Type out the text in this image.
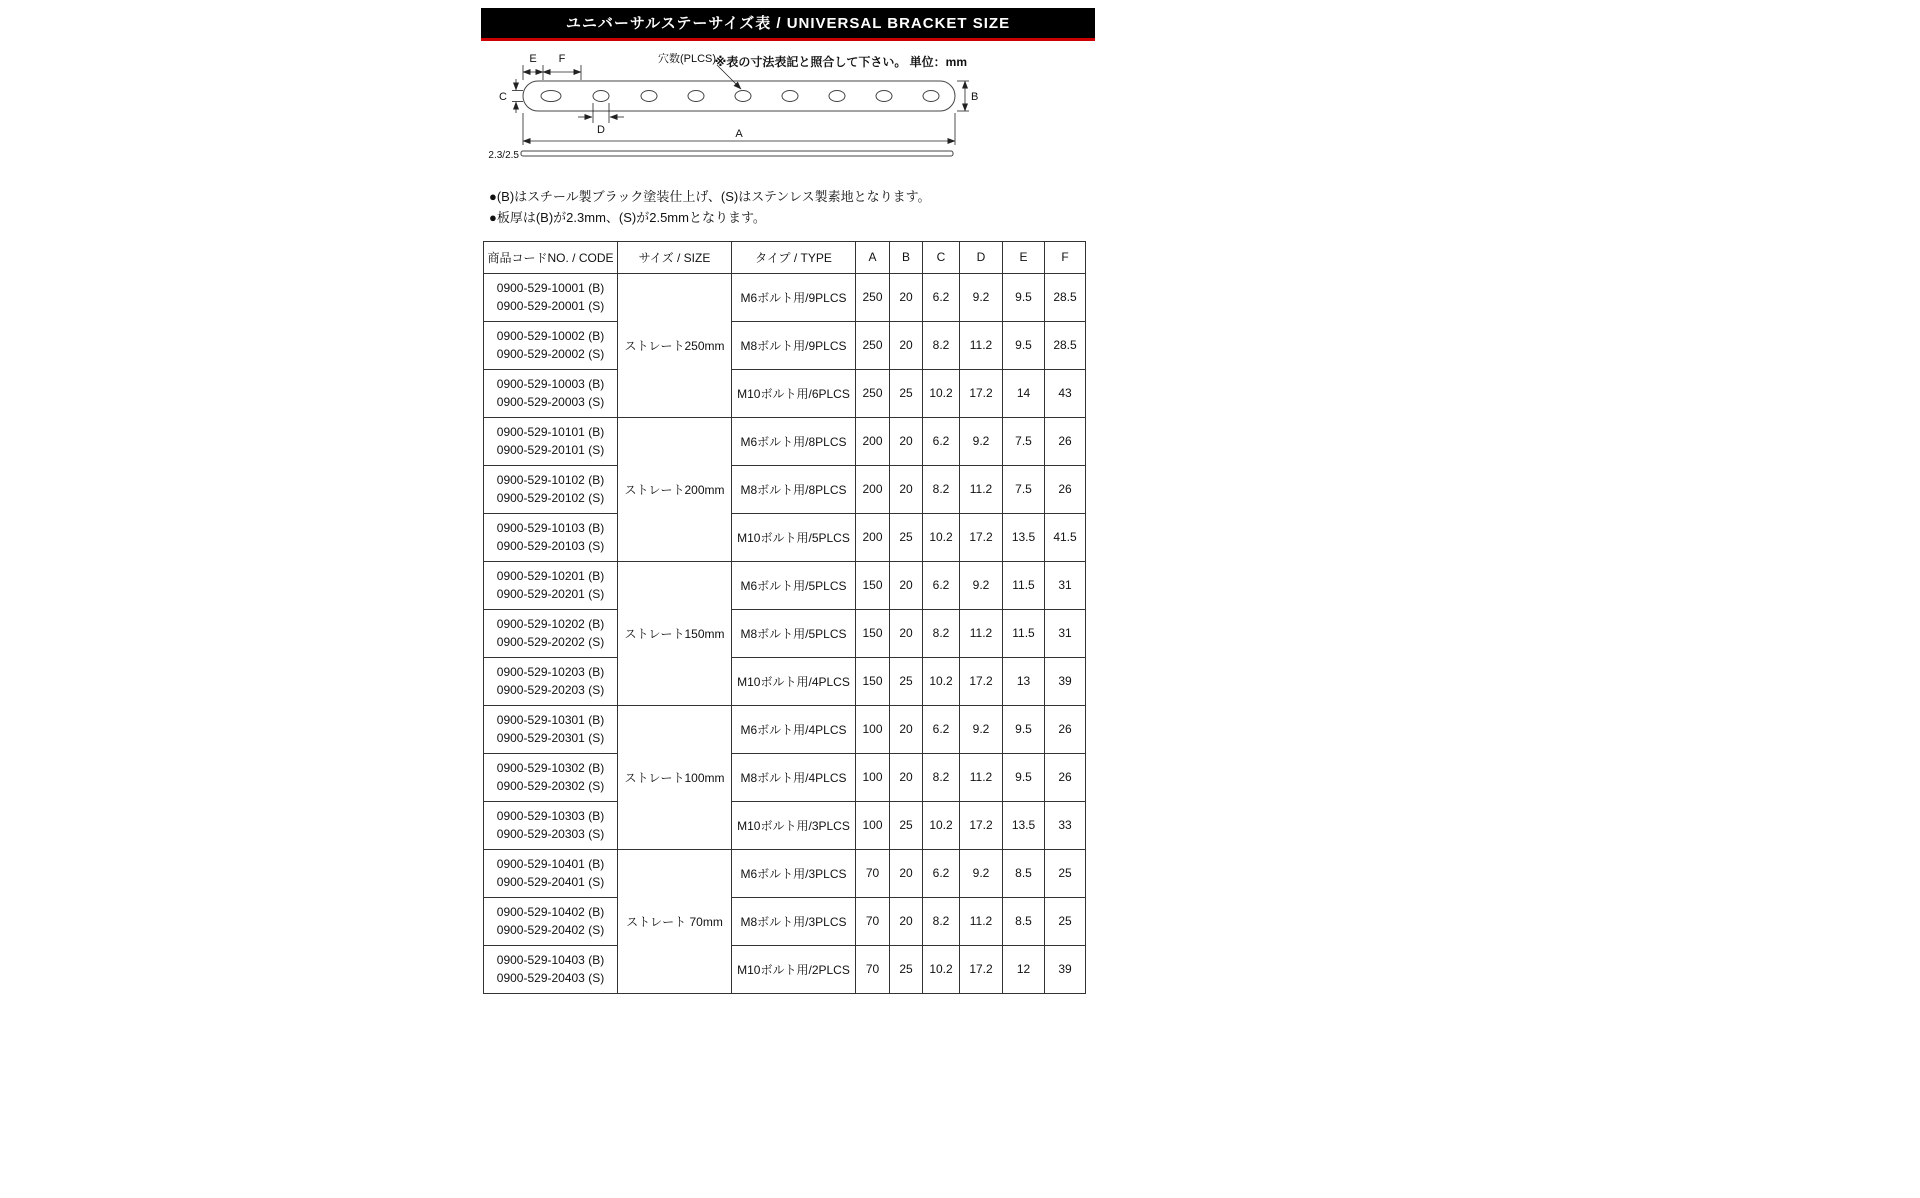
ユニバーサルステーサイズ表 / UNIVERSAL BRACKET SIZE
※表の寸法表記と照合して下さい。 単位：mm
E F	穴数(PLCS)
C	B
D	A
2.3/2.5
●(B)はスチール製ブラック塗装仕上げ、(S)はステンレス製素地となります。
●板厚は(B)が2.3mm、(S)が2.5mmとなります。
商品コードNO. / CODE	サイズ / SIZE	タイプ / TYPE	A	B	C	D	E	F

0900-529-10001 (B)
0900-529-20001 (S)	ストレート250mm	M6ボルト用/9PLCS	250	20	6.2	9.2	9.5	28.5

0900-529-10002 (B)
0900-529-20002 (S)		M8ボルト用/9PLCS	250	20	8.2	11.2	9.5	28.5

0900-529-10003 (B)
0900-529-20003 (S)		M10ボルト用/6PLCS	250	25	10.2	17.2	14	43

0900-529-10101 (B)
0900-529-20101 (S)	ストレート200mm	M6ボルト用/8PLCS	200	20	6.2	9.2	7.5	26

0900-529-10102 (B)
0900-529-20102 (S)		M8ボルト用/8PLCS	200	20	8.2	11.2	7.5	26

0900-529-10103 (B)
0900-529-20103 (S)		M10ボルト用/5PLCS	200	25	10.2	17.2	13.5	41.5

0900-529-10201 (B)
0900-529-20201 (S)	ストレート150mm	M6ボルト用/5PLCS	150	20	6.2	9.2	11.5	31

0900-529-10202 (B)
0900-529-20202 (S)		M8ボルト用/5PLCS	150	20	8.2	11.2	11.5	31

0900-529-10203 (B)
0900-529-20203 (S)		M10ボルト用/4PLCS	150	25	10.2	17.2	13	39

0900-529-10301 (B)
0900-529-20301 (S)	ストレート100mm	M6ボルト用/4PLCS	100	20	6.2	9.2	9.5	26

0900-529-10302 (B)
0900-529-20302 (S)		M8ボルト用/4PLCS	100	20	8.2	11.2	9.5	26

0900-529-10303 (B)
0900-529-20303 (S)		M10ボルト用/3PLCS	100	25	10.2	17.2	13.5	33

0900-529-10401 (B)
0900-529-20401 (S)	ストレート 70mm	M6ボルト用/3PLCS	70	20	6.2	9.2	8.5	25

0900-529-10402 (B)
0900-529-20402 (S)		M8ボルト用/3PLCS	70	20	8.2	11.2	8.5	25

0900-529-10403 (B)
0900-529-20403 (S)		M10ボルト用/2PLCS	70	25	10.2	17.2	12	39
